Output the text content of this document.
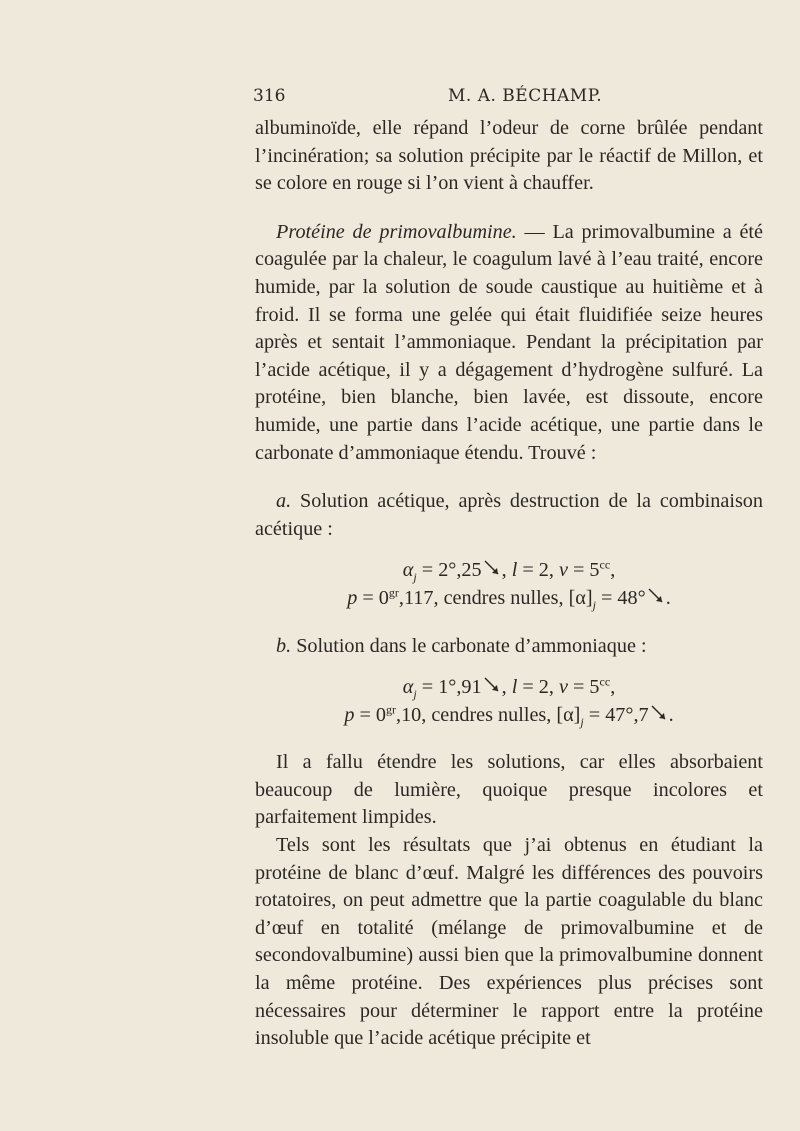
316	M. A. BÉCHAMP.

albuminoïde, elle répand l’odeur de corne brûlée pendant l’incinération; sa solution précipite par le réactif de Millon, et se colore en rouge si l’on vient à chauffer.

Protéine de primovalbumine. — La primovalbumine a été coagulée par la chaleur, le coagulum lavé à l’eau traité, encore humide, par la solution de soude caustique au huitième et à froid. Il se forma une gelée qui était fluidifiée seize heures après et sentait l’ammoniaque. Pendant la précipitation par l’acide acétique, il y a dégagement d’hydrogène sulfuré. La protéine, bien blanche, bien lavée, est dissoute, encore humide, une partie dans l’acide acétique, une partie dans le carbonate d’ammoniaque étendu. Trouvé :

a. Solution acétique, après destruction de la combinaison acétique :

$\alpha_j = 2^\circ,25$ , l = 2, $v = 5^{cc}$,

$p = 0^{gr},117$, cendres nulles, $[\alpha]_j = 48^\circ$ .

b. Solution dans le carbonate d’ammoniaque :

$\alpha_j = 1^\circ,91$ , l = 2, $v = 5^{cc}$,

$p = 0^{gr},10$, cendres nulles, $[\alpha]_j = 47^\circ,7$ .

Il a fallu étendre les solutions, car elles absorbaient beaucoup de lumière, quoique presque incolores et parfaitement limpides.

Tels sont les résultats que j’ai obtenus en étudiant la protéine de blanc d’œuf. Malgré les différences des pouvoirs rotatoires, on peut admettre que la partie coagulable du blanc d’œuf en totalité (mélange de primovalbumine et de secondovalbumine) aussi bien que la primovalbumine donnent la même protéine. Des expériences plus précises sont nécessaires pour déterminer le rapport entre la protéine insoluble que l’acide acétique précipite et
